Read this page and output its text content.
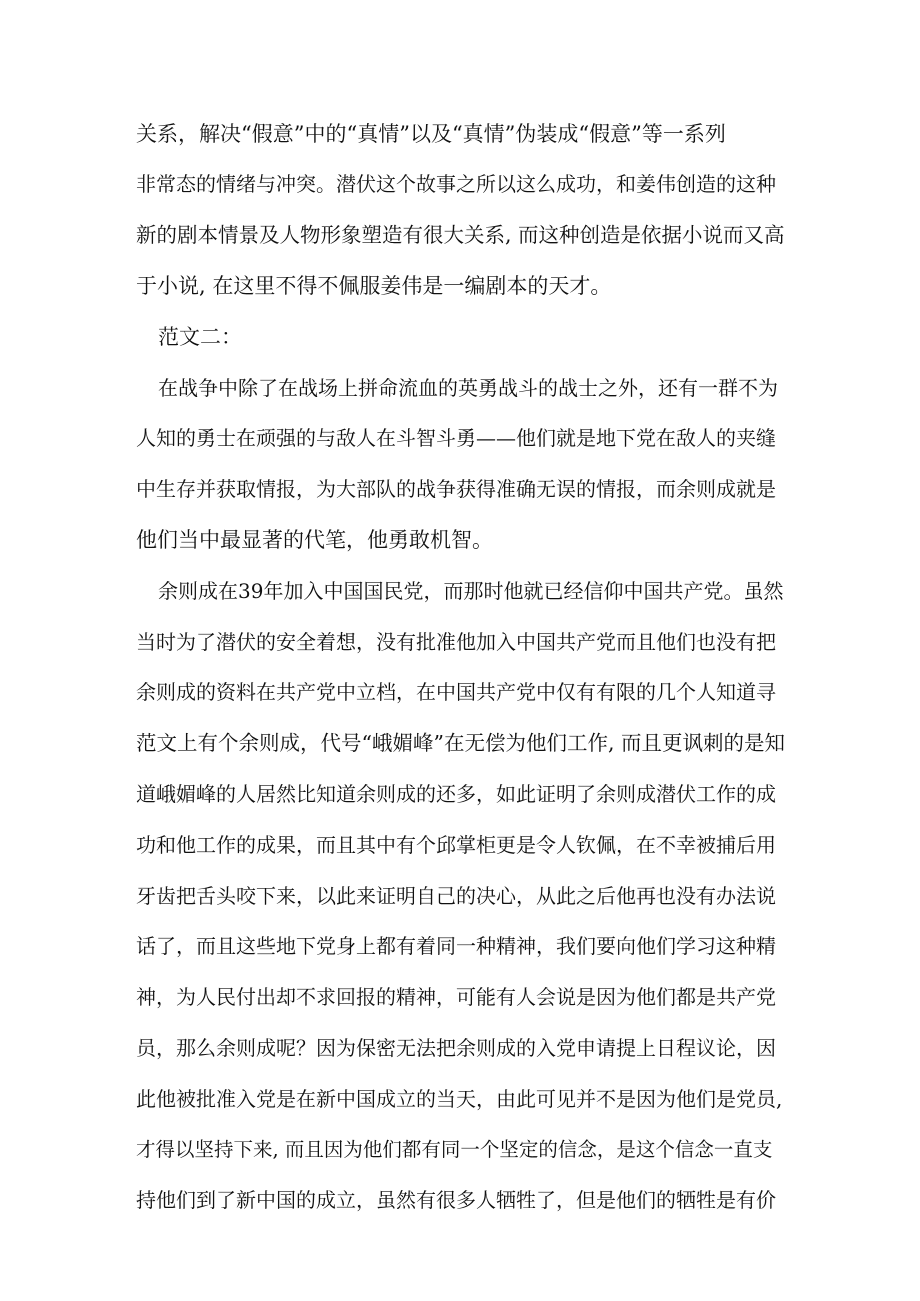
关系，解决“假意”中的“真情”以及“真情”伪装成“假意”等一系列
非常态的情绪与冲突。潜伏这个故事之所以这么成功，和姜伟创造的这种
新的剧本情景及人物形象塑造有很大关系, 而这种创造是依据小说而又高
于小说, 在这里不得不佩服姜伟是一编剧本的天才。
范文二：
在战争中除了在战场上拼命流血的英勇战斗的战士之外，还有一群不为
人知的勇士在顽强的与敌人在斗智斗勇——他们就是地下党在敌人的夹缝
中生存并获取情报，为大部队的战争获得准确无误的情报，而余则成就是
他们当中最显著的代笔，他勇敢机智。
余则成在39年加入中国国民党，而那时他就已经信仰中国共产党。虽然
当时为了潜伏的安全着想，没有批准他加入中国共产党而且他们也没有把
余则成的资料在共产党中立档，在中国共产党中仅有有限的几个人知道寻
范文上有个余则成，代号“峨媚峰”在无偿为他们工作, 而且更讽刺的是知
道峨媚峰的人居然比知道余则成的还多，如此证明了余则成潜伏工作的成
功和他工作的成果，而且其中有个邱掌柜更是令人钦佩，在不幸被捕后用
牙齿把舌头咬下来，以此来证明自己的决心，从此之后他再也没有办法说
话了，而且这些地下党身上都有着同一种精神，我们要向他们学习这种精
神，为人民付出却不求回报的精神，可能有人会说是因为他们都是共产党
员，那么余则成呢？因为保密无法把余则成的入党申请提上日程议论，因
此他被批准入党是在新中国成立的当天，由此可见并不是因为他们是党员,
才得以坚持下来, 而且因为他们都有同一个坚定的信念，是这个信念一直支
持他们到了新中国的成立，虽然有很多人牺牲了，但是他们的牺牲是有价
